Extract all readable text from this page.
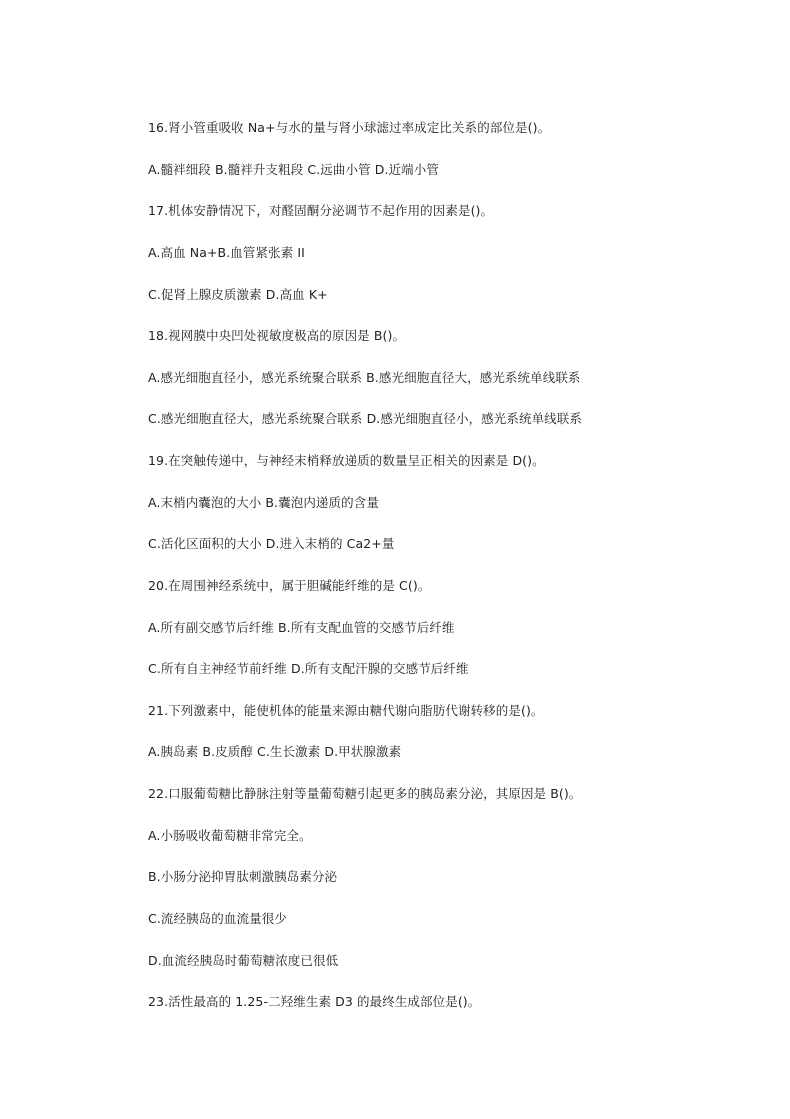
16.肾小管重吸收 Na+与水的量与肾小球滤过率成定比关系的部位是()。
A.髓袢细段 B.髓袢升支粗段 C.远曲小管 D.近端小管
17.机体安静情况下，对醛固酮分泌调节不起作用的因素是()。
A.高血 Na+B.血管紧张素 II
C.促肾上腺皮质激素 D.高血 K+
18.视网膜中央凹处视敏度极高的原因是 B()。
A.感光细胞直径小，感光系统聚合联系 B.感光细胞直径大，感光系统单线联系
C.感光细胞直径大，感光系统聚合联系 D.感光细胞直径小，感光系统单线联系
19.在突触传递中，与神经末梢释放递质的数量呈正相关的因素是 D()。
A.末梢内囊泡的大小 B.囊泡内递质的含量
C.活化区面积的大小 D.进入末梢的 Ca2+量
20.在周围神经系统中，属于胆碱能纤维的是 C()。
A.所有副交感节后纤维 B.所有支配血管的交感节后纤维
C.所有自主神经节前纤维 D.所有支配汗腺的交感节后纤维
21.下列激素中，能使机体的能量来源由糖代谢向脂肪代谢转移的是()。
A.胰岛素 B.皮质醇 C.生长激素 D.甲状腺激素
22.口服葡萄糖比静脉注射等量葡萄糖引起更多的胰岛素分泌，其原因是 B()。
A.小肠吸收葡萄糖非常完全。
B.小肠分泌抑胃肽刺激胰岛素分泌
C.流经胰岛的血流量很少
D.血流经胰岛时葡萄糖浓度已很低
23.活性最高的 1.25-二羟维生素 D3 的最终生成部位是()。
